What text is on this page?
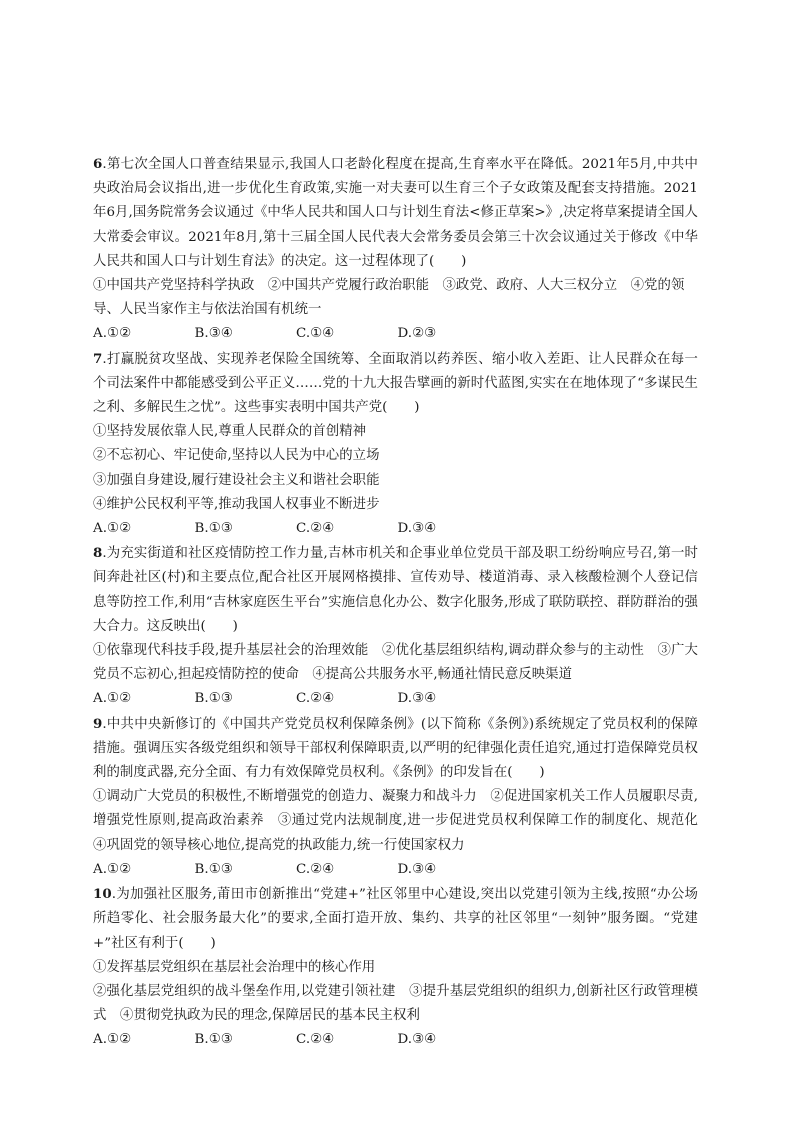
6.第七次全国人口普查结果显示,我国人口老龄化程度在提高,生育率水平在降低。2021年5月,中共中央政治局会议指出,进一步优化生育政策,实施一对夫妻可以生育三个子女政策及配套支持措施。2021年6月,国务院常务会议通过《中华人民共和国人口与计划生育法<修正草案>》,决定将草案提请全国人大常委会审议。2021年8月,第十三届全国人民代表大会常务委员会第三十次会议通过关于修改《中华人民共和国人口与计划生育法》的决定。这一过程体现了(　　)
①中国共产党坚持科学执政　②中国共产党履行政治职能　③政党、政府、人大三权分立　④党的领导、人民当家作主与依法治国有机统一
A.①②	B.③④	C.①④	D.②③
7.打赢脱贫攻坚战、实现养老保险全国统筹、全面取消以药养医、缩小收入差距、让人民群众在每一个司法案件中都能感受到公平正义……党的十九大报告擘画的新时代蓝图,实实在在地体现了“多谋民生之利、多解民生之忧”。这些事实表明中国共产党(　　)
①坚持发展依靠人民,尊重人民群众的首创精神
②不忘初心、牢记使命,坚持以人民为中心的立场
③加强自身建设,履行建设社会主义和谐社会职能
④维护公民权利平等,推动我国人权事业不断进步
A.①②	B.①③	C.②④	D.③④
8.为充实街道和社区疫情防控工作力量,吉林市机关和企事业单位党员干部及职工纷纷响应号召,第一时间奔赴社区(村)和主要点位,配合社区开展网格摸排、宣传劝导、楼道消毒、录入核酸检测个人登记信息等防控工作,利用“吉林家庭医生平台”实施信息化办公、数字化服务,形成了联防联控、群防群治的强大合力。这反映出(　　)
①依靠现代科技手段,提升基层社会的治理效能　②优化基层组织结构,调动群众参与的主动性　③广大党员不忘初心,担起疫情防控的使命　④提高公共服务水平,畅通社情民意反映渠道
A.①②	B.①③	C.②④	D.③④
9.中共中央新修订的《中国共产党党员权利保障条例》(以下简称《条例》)系统规定了党员权利的保障措施。强调压实各级党组织和领导干部权利保障职责,以严明的纪律强化责任追究,通过打造保障党员权利的制度武器,充分全面、有力有效保障党员权利。《条例》的印发旨在(　　)
①调动广大党员的积极性,不断增强党的创造力、凝聚力和战斗力　②促进国家机关工作人员履职尽责,增强党性原则,提高政治素养　③通过党内法规制度,进一步促进党员权利保障工作的制度化、规范化　④巩固党的领导核心地位,提高党的执政能力,统一行使国家权力
A.①②	B.①③	C.②④	D.③④
10.为加强社区服务,莆田市创新推出“党建+”社区邻里中心建设,突出以党建引领为主线,按照“办公场所趋零化、社会服务最大化”的要求,全面打造开放、集约、共享的社区邻里“一刻钟”服务圈。“党建+”社区有利于(　　)
①发挥基层党组织在基层社会治理中的核心作用
②强化基层党组织的战斗堡垒作用,以党建引领社建　③提升基层党组织的组织力,创新社区行政管理模式　④贯彻党执政为民的理念,保障居民的基本民主权利
A.①②	B.①③	C.②④	D.③④
